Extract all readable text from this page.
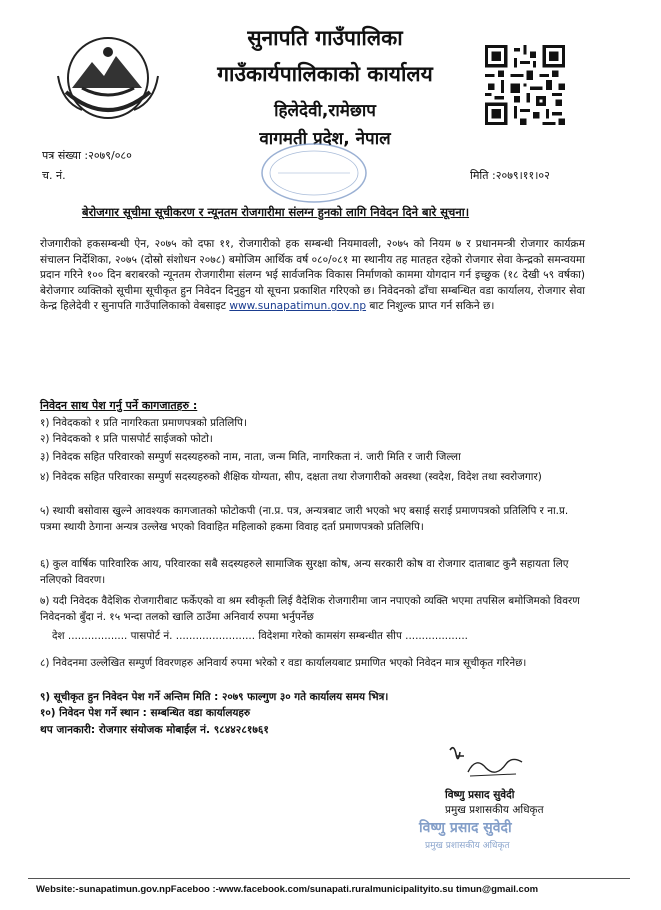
सुनापति गाउँपालिका
गाउँकार्यपालिकाको कार्यालय
हिलेदेवी,रामेछाप
वागमती प्रदेश, नेपाल
पत्र संख्या :२०७९/०८०
च. नं.	मिति :२०७९।११।०२
बेरोजगार सूचीमा सूचीकरण र न्यूनतम रोजगारीमा संलग्न हुनको लागि निवेदन दिने बारे सूचना।

रोजगारीको हकसम्बन्धी ऐन, २०७५ को दफा ११, रोजगारीको हक सम्बन्धी नियमावली, २०७५ को नियम ७ र प्रधानमन्त्री रोजगार कार्यक्रम संचालन निर्देशिका, २०७५ (दोस्रो संशोधन २०७८) बमोजिम आर्थिक वर्ष ०८०/०८१ मा स्थानीय तह मातहत रहेको रोजगार सेवा केन्द्रको समन्वयमा प्रदान गरिने १०० दिन बराबरको न्यूनतम रोजगारीमा संलग्न भई सार्वजनिक विकास निर्माणको काममा योगदान गर्न इच्छुक (१८ देखी ५९ वर्षका) बेरोजगार व्यक्तिको सूचीमा सूचीकृत हुन निवेदन दिनुहुन यो सूचना प्रकाशित गरिएको छ। निवेदनको ढाँचा सम्बन्धित वडा कार्यालय, रोजगार सेवा केन्द्र हिलेदेवी र सुनापति गाउँपालिकाको वेबसाइट www.sunapatimun.gov.np बाट निशुल्क प्राप्त गर्न सकिने छ।

निवेदन साथ पेश गर्नु पर्ने कागजातहरु :
१) निवेदकको १ प्रति नागरिकता प्रमाणपत्रको प्रतिलिपि।
२) निवेदकको १ प्रति पासपोर्ट साईजको फोटो।
३) निवेदक सहित परिवारको सम्पुर्ण सदस्यहरुको नाम, नाता, जन्म मिति, नागरिकता नं. जारी मिति र जारी जिल्ला
४) निवेदक सहित परिवारका सम्पुर्ण सदस्यहरुको शैक्षिक योग्यता, सीप, दक्षता तथा रोजगारीको अवस्था (स्वदेश, विदेश तथा स्वरोजगार)
५) स्थायी बसोवास खुल्ने आवश्यक कागजातको फोटोकपी (ना.प्र. पत्र, अन्यत्रबाट जारी भएको भए बसाई सराई प्रमाणपत्रको प्रतिलिपि र ना.प्र. पत्रमा स्थायी ठेगाना अन्यत्र उल्लेख भएको विवाहित महिलाको हकमा विवाह दर्ता प्रमाणपत्रको प्रतिलिपि।
६) कुल वार्षिक पारिवारिक आय, परिवारका सबै सदस्यहरुले सामाजिक सुरक्षा कोष, अन्य सरकारी कोष वा रोजगार दाताबाट कुनै सहायता लिए नलिएको विवरण।
७) यदी निवेदक वैदेशिक रोजगारीबाट फर्केएको वा श्रम स्वीकृती लिई वैदेशिक रोजगारीमा जान नपाएको व्यक्ति भएमा तपसिल बमोजिमको विवरण निवेदनको बुँदा नं. १५ भन्दा तलको खालि ठाउँमा अनिवार्य रुपमा भर्नुपर्नेछ
देश .................. पासपोर्ट नं. ........................ विदेशमा गरेको कामसंग सम्बन्धीत सीप ...................
८) निवेदनमा उल्लेखित सम्पुर्ण विवरणहरु अनिवार्य रुपमा भरेको र वडा कार्यालयबाट प्रमाणित भएको निवेदन मात्र सूचीकृत गरिनेछ।
९) सूचीकृत हुन निवेदन पेश गर्ने अन्तिम मिति : २०७९ फाल्गुण ३० गते कार्यालय समय भित्र।
१०) निवेदन पेश गर्ने स्थान : सम्बन्धित वडा कार्यालयहरु
थप जानकारी: रोजगार संयोजक मोबाईल नं. ९८४४२८१७६१
विष्णु प्रसाद सुवेदी
प्रमुख प्रशासकीय अधिकृत
विष्णु प्रसाद सुवेदी
प्रमुख प्रशासकीय अधिकृत
Website:-sunapatimun.gov.npFaceboo :-www.facebook.com/sunapati.ruralmunicipalityito.su timun@gmail.com
